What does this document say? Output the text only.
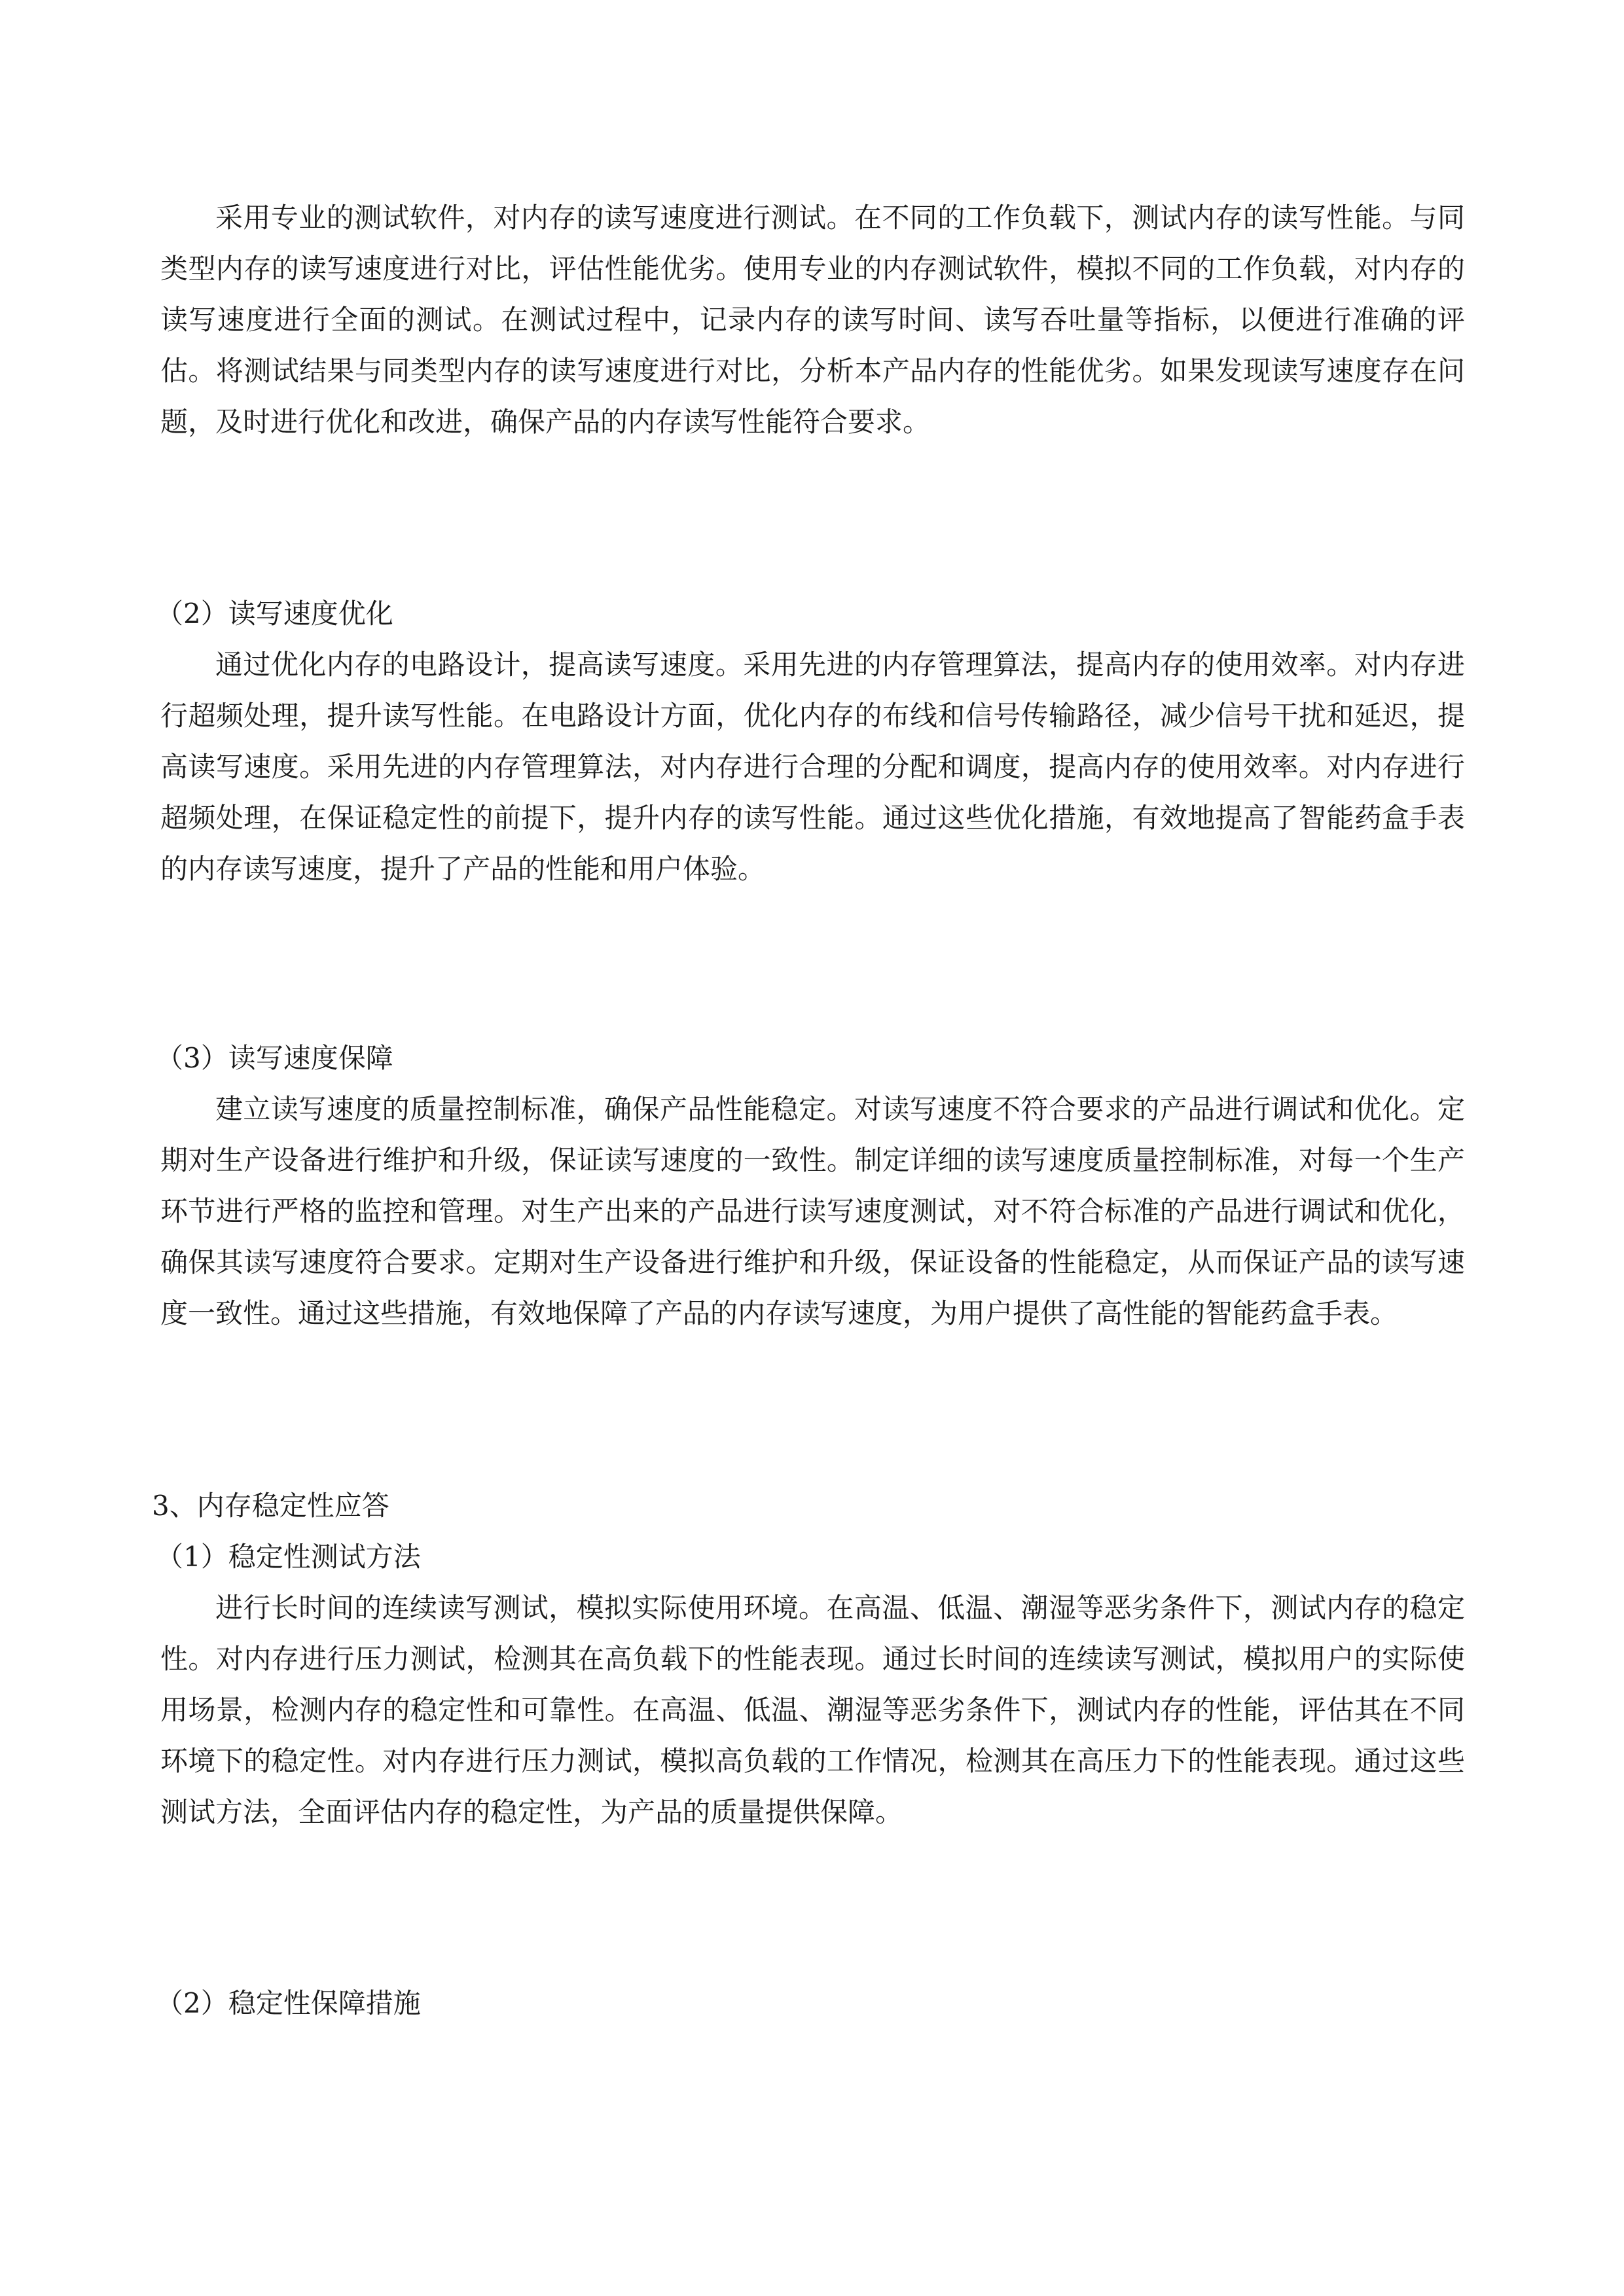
采用专业的测试软件，对内存的读写速度进行测试。在不同的工作负载下，测试内存的读写性能。与同类型内存的读写速度进行对比，评估性能优劣。使用专业的内存测试软件，模拟不同的工作负载，对内存的读写速度进行全面的测试。在测试过程中，记录内存的读写时间、读写吞吐量等指标，以便进行准确的评估。将测试结果与同类型内存的读写速度进行对比，分析本产品内存的性能优劣。如果发现读写速度存在问题，及时进行优化和改进，确保产品的内存读写性能符合要求。

（2）读写速度优化

通过优化内存的电路设计，提高读写速度。采用先进的内存管理算法，提高内存的使用效率。对内存进行超频处理，提升读写性能。在电路设计方面，优化内存的布线和信号传输路径，减少信号干扰和延迟，提高读写速度。采用先进的内存管理算法，对内存进行合理的分配和调度，提高内存的使用效率。对内存进行超频处理，在保证稳定性的前提下，提升内存的读写性能。通过这些优化措施，有效地提高了智能药盒手表的内存读写速度，提升了产品的性能和用户体验。

（3）读写速度保障

建立读写速度的质量控制标准，确保产品性能稳定。对读写速度不符合要求的产品进行调试和优化。定期对生产设备进行维护和升级，保证读写速度的一致性。制定详细的读写速度质量控制标准，对每一个生产环节进行严格的监控和管理。对生产出来的产品进行读写速度测试，对不符合标准的产品进行调试和优化，确保其读写速度符合要求。定期对生产设备进行维护和升级，保证设备的性能稳定，从而保证产品的读写速度一致性。通过这些措施，有效地保障了产品的内存读写速度，为用户提供了高性能的智能药盒手表。

3、内存稳定性应答

（1）稳定性测试方法

进行长时间的连续读写测试，模拟实际使用环境。在高温、低温、潮湿等恶劣条件下，测试内存的稳定性。对内存进行压力测试，检测其在高负载下的性能表现。通过长时间的连续读写测试，模拟用户的实际使用场景，检测内存的稳定性和可靠性。在高温、低温、潮湿等恶劣条件下，测试内存的性能，评估其在不同环境下的稳定性。对内存进行压力测试，模拟高负载的工作情况，检测其在高压力下的性能表现。通过这些测试方法，全面评估内存的稳定性，为产品的质量提供保障。

（2）稳定性保障措施
